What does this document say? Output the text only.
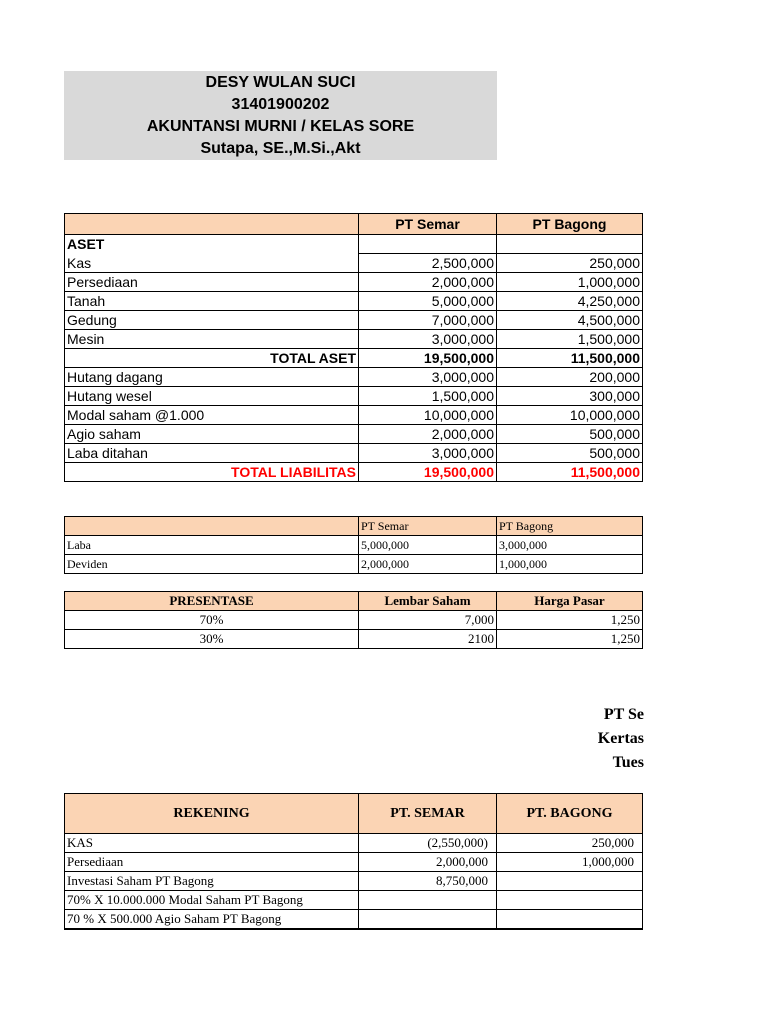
DESY WULAN SUCI
31401900202
AKUNTANSI MURNI / KELAS SORE
Sutapa, SE.,M.Si.,Akt
	PT Semar	PT Bagong
ASET		
Kas	2,500,000	250,000
Persediaan	2,000,000	1,000,000
Tanah	5,000,000	4,250,000
Gedung	7,000,000	4,500,000
Mesin	3,000,000	1,500,000
TOTAL ASET	19,500,000	11,500,000
Hutang dagang	3,000,000	200,000
Hutang wesel	1,500,000	300,000
Modal saham @1.000	10,000,000	10,000,000
Agio saham	2,000,000	500,000
Laba ditahan	3,000,000	500,000
TOTAL LIABILITAS	19,500,000	11,500,000
	PT Semar	PT Bagong
Laba	5,000,000	3,000,000
Deviden	2,000,000	1,000,000
PRESENTASE	Lembar Saham	Harga Pasar
70%	7,000	1,250
30%	2100	1,250
PT Se
Kertas
Tues
REKENING	PT. SEMAR	PT. BAGONG
KAS	(2,550,000)	250,000
Persediaan	2,000,000	1,000,000
Investasi Saham PT Bagong	8,750,000	
70% X 10.000.000 Modal Saham PT Bagong		
70 % X 500.000 Agio Saham PT Bagong		
